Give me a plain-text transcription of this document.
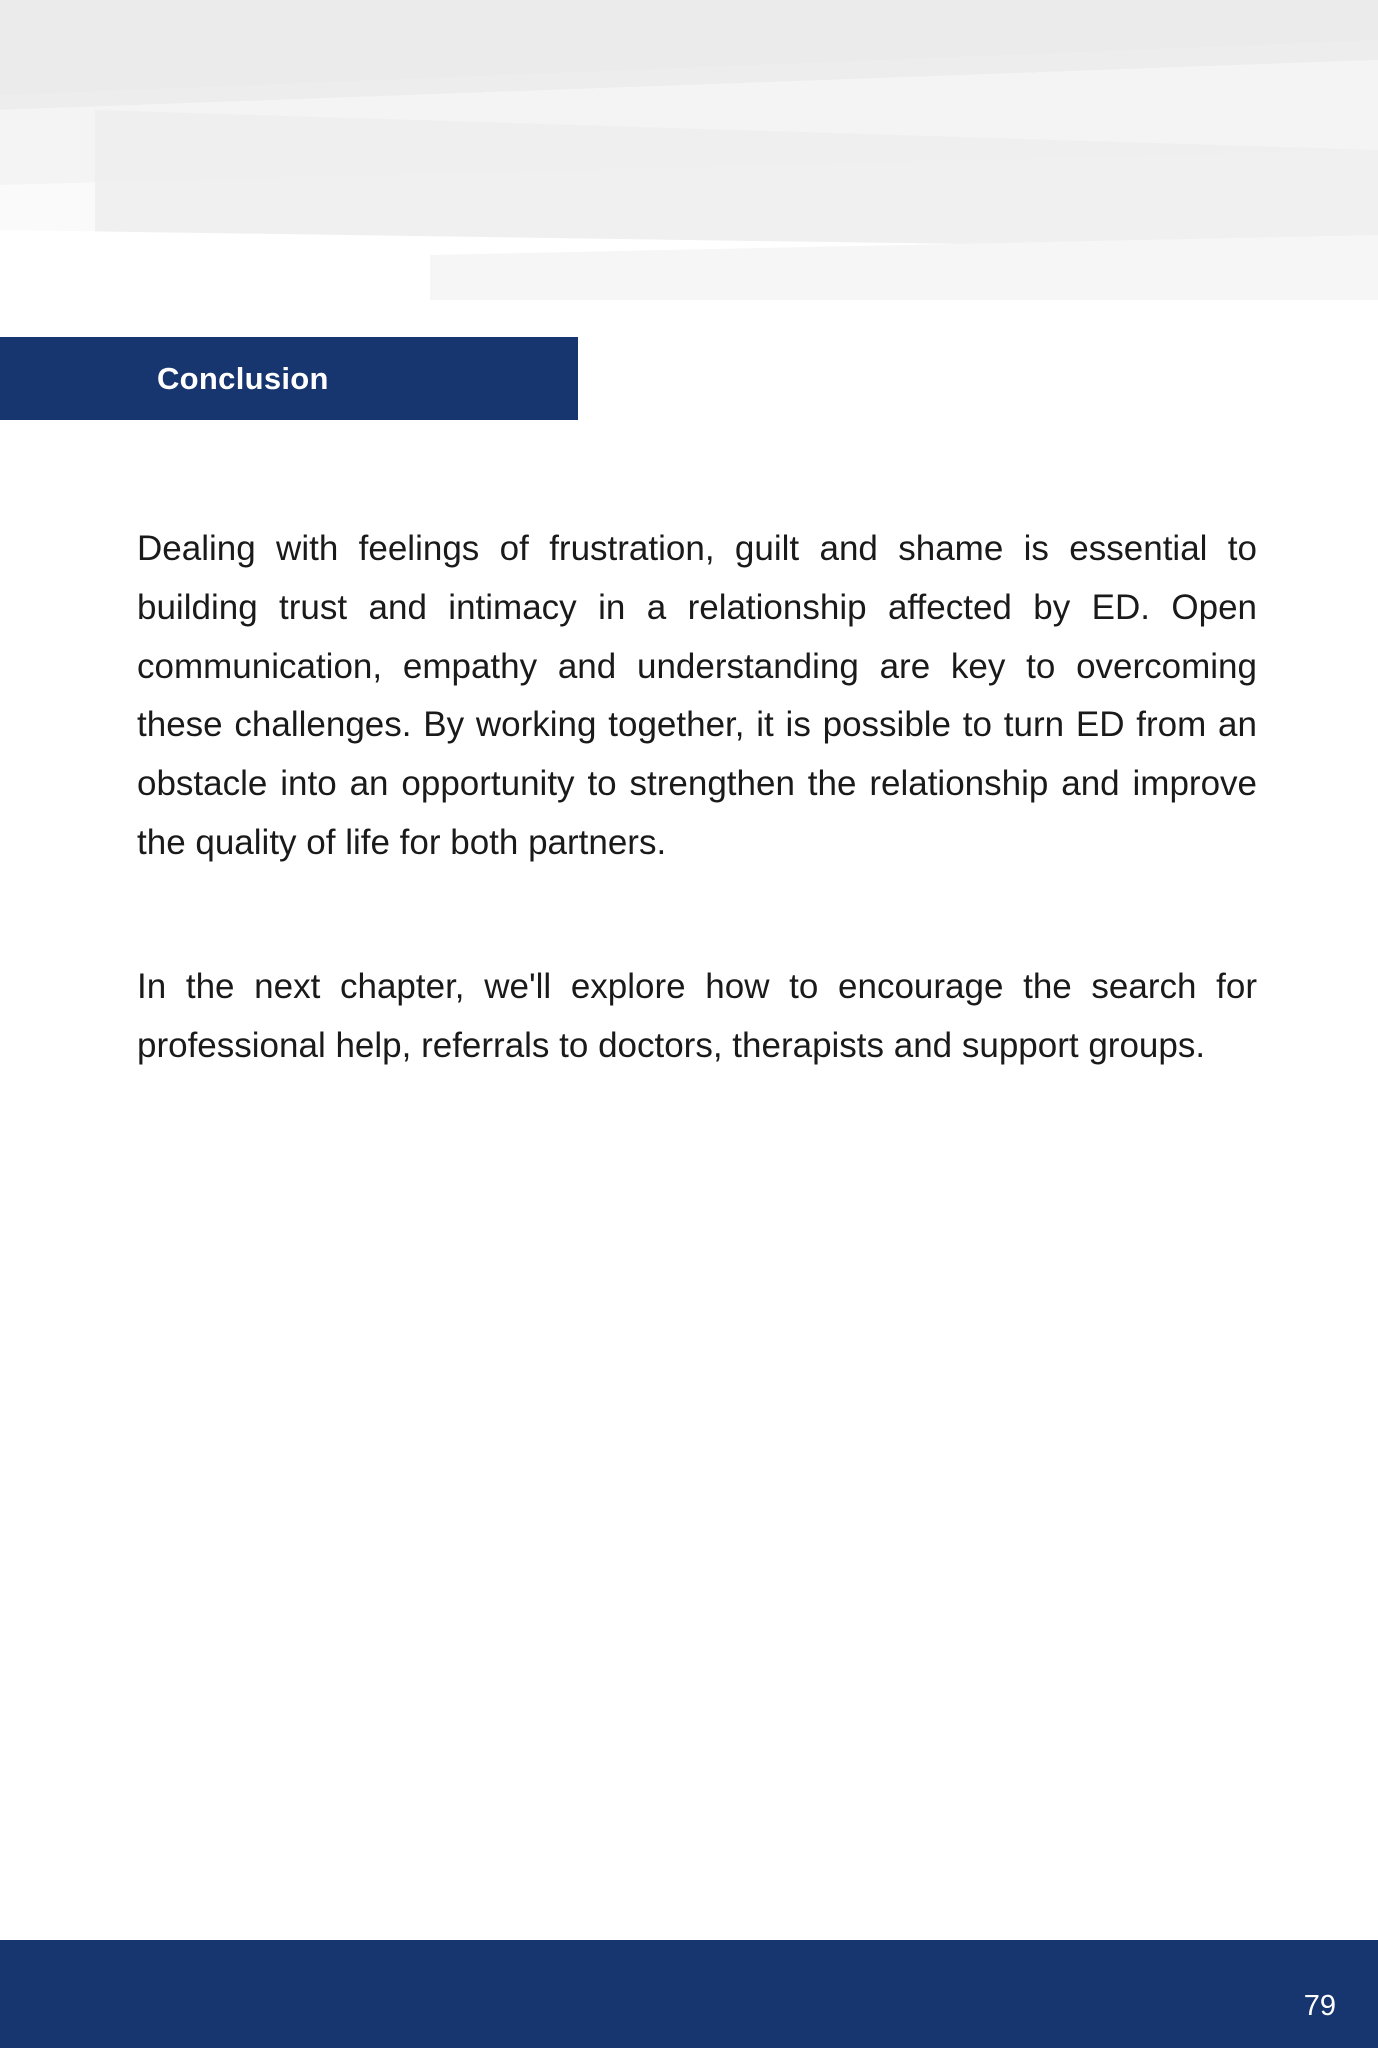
Conclusion

Dealing with feelings of frustration, guilt and shame is essential to building trust and intimacy in a relationship affected by ED. Open communication, empathy and understanding are key to overcoming these challenges. By working together, it is possible to turn ED from an obstacle into an opportunity to strengthen the relationship and improve the quality of life for both partners.

In the next chapter, we'll explore how to encourage the search for professional help, referrals to doctors, therapists and support groups.

79
